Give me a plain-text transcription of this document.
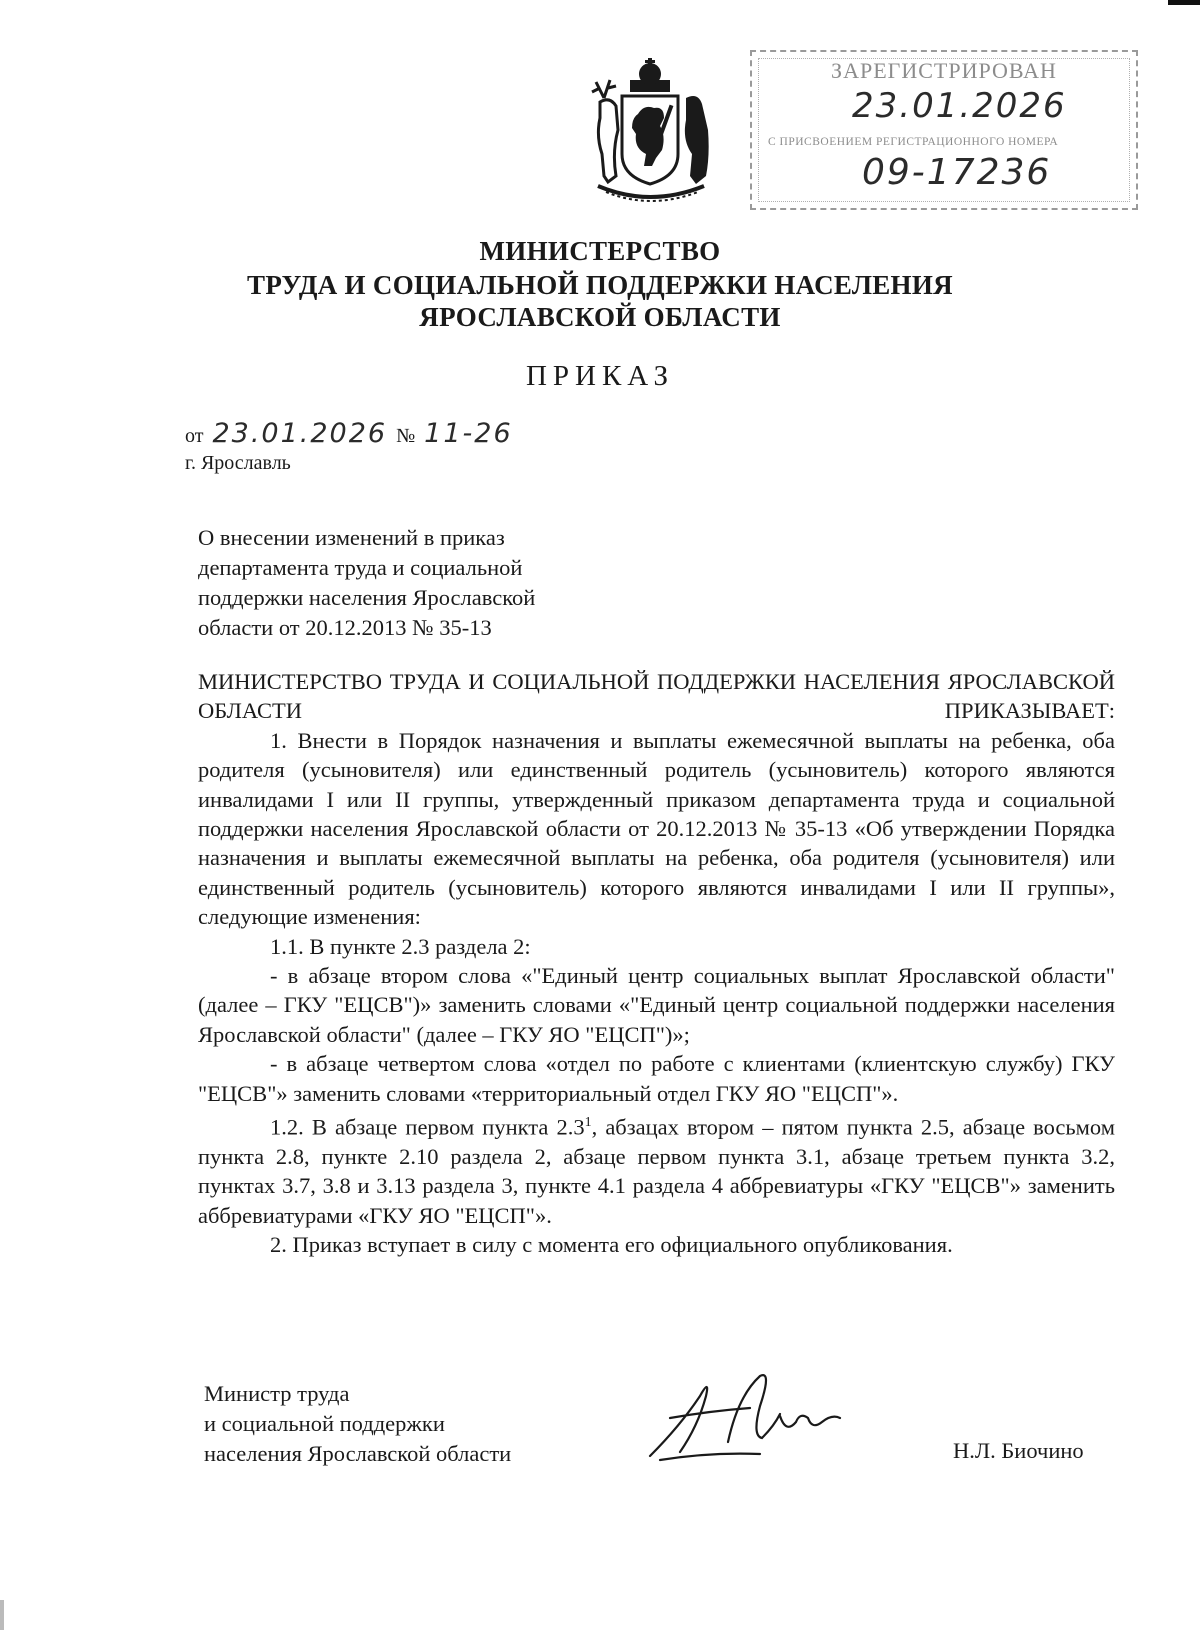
ЗАРЕГИСТРИРОВАН
23.01.2026
С ПРИСВОЕНИЕМ РЕГИСТРАЦИОННОГО НОМЕРА
09-17236
МИНИСТЕРСТВО
ТРУДА И СОЦИАЛЬНОЙ ПОДДЕРЖКИ НАСЕЛЕНИЯ
ЯРОСЛАВСКОЙ ОБЛАСТИ
ПРИКАЗ
от 23.01.2026 № 11-26
г. Ярославль
О внесении изменений в приказ
департамента труда и социальной
поддержки населения Ярославской
области от 20.12.2013 № 35-13

МИНИСТЕРСТВО ТРУДА И СОЦИАЛЬНОЙ ПОДДЕРЖКИ НАСЕЛЕНИЯ ЯРОСЛАВСКОЙ ОБЛАСТИ ПРИКАЗЫВАЕТ:

1. Внести в Порядок назначения и выплаты ежемесячной выплаты на ребенка, оба родителя (усыновителя) или единственный родитель (усыновитель) которого являются инвалидами I или II группы, утвержденный приказом департамента труда и социальной поддержки населения Ярославской области от 20.12.2013 № 35-13 «Об утверждении Порядка назначения и выплаты ежемесячной выплаты на ребенка, оба родителя (усыновителя) или единственный родитель (усыновитель) которого являются инвалидами I или II группы», следующие изменения:

1.1. В пункте 2.3 раздела 2:

- в абзаце втором слова «"Единый центр социальных выплат Ярославской области" (далее – ГКУ "ЕЦСВ")» заменить словами «"Единый центр социальной поддержки населения Ярославской области" (далее – ГКУ ЯО "ЕЦСП")»;

- в абзаце четвертом слова «отдел по работе с клиентами (клиентскую службу) ГКУ "ЕЦСВ"» заменить словами «территориальный отдел ГКУ ЯО "ЕЦСП"».

1.2. В абзаце первом пункта $2.3^1$, абзацах втором – пятом пункта 2.5, абзаце восьмом пункта 2.8, пункте 2.10 раздела 2, абзаце первом пункта 3.1, абзаце третьем пункта 3.2, пунктах 3.7, 3.8 и 3.13 раздела 3, пункте 4.1 раздела 4 аббревиатуры «ГКУ "ЕЦСВ"» заменить аббревиатурами «ГКУ ЯО "ЕЦСП"».

2. Приказ вступает в силу с момента его официального опубликования.

Министр труда
и социальной поддержки
населения Ярославской области	Н.Л. Биочино
